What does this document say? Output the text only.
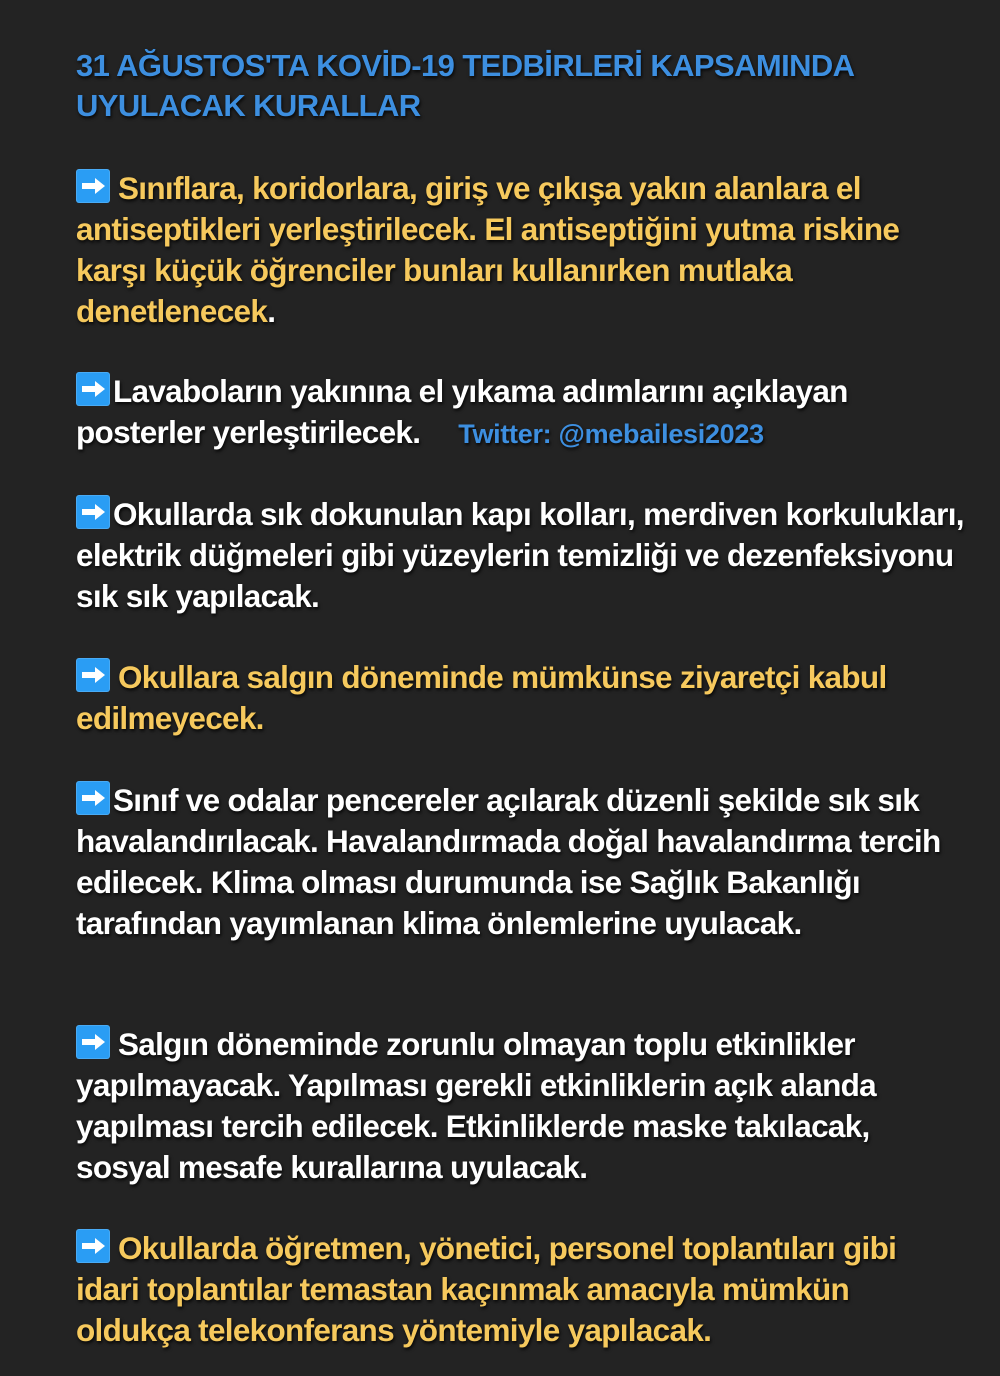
31 AĞUSTOS'TA KOVİD-19 TEDBİRLERİ KAPSAMINDA
UYULACAK KURALLAR
Sınıflara, koridorlara, giriş ve çıkışa yakın alanlara el antiseptikleri yerleştirilecek. El antiseptiğini yutma riskine karşı küçük öğrenciler bunları kullanırken mutlaka denetlenecek.
Lavaboların yakınına el yıkama adımlarını açıklayan posterler yerleştirilecek. Twitter: @mebailesi2023
Okullarda sık dokunulan kapı kolları, merdiven korkulukları, elektrik düğmeleri gibi yüzeylerin temizliği ve dezenfeksiyonu sık sık yapılacak.
Okullara salgın döneminde mümkünse ziyaretçi kabul edilmeyecek.
Sınıf ve odalar pencereler açılarak düzenli şekilde sık sık havalandırılacak. Havalandırmada doğal havalandırma tercih edilecek. Klima olması durumunda ise Sağlık Bakanlığı tarafından yayımlanan klima önlemlerine uyulacak.
Salgın döneminde zorunlu olmayan toplu etkinlikler yapılmayacak. Yapılması gerekli etkinliklerin açık alanda yapılması tercih edilecek. Etkinliklerde maske takılacak, sosyal mesafe kurallarına uyulacak.
Okullarda öğretmen, yönetici, personel toplantıları gibi idari toplantılar temastan kaçınmak amacıyla mümkün oldukça telekonferans yöntemiyle yapılacak.
